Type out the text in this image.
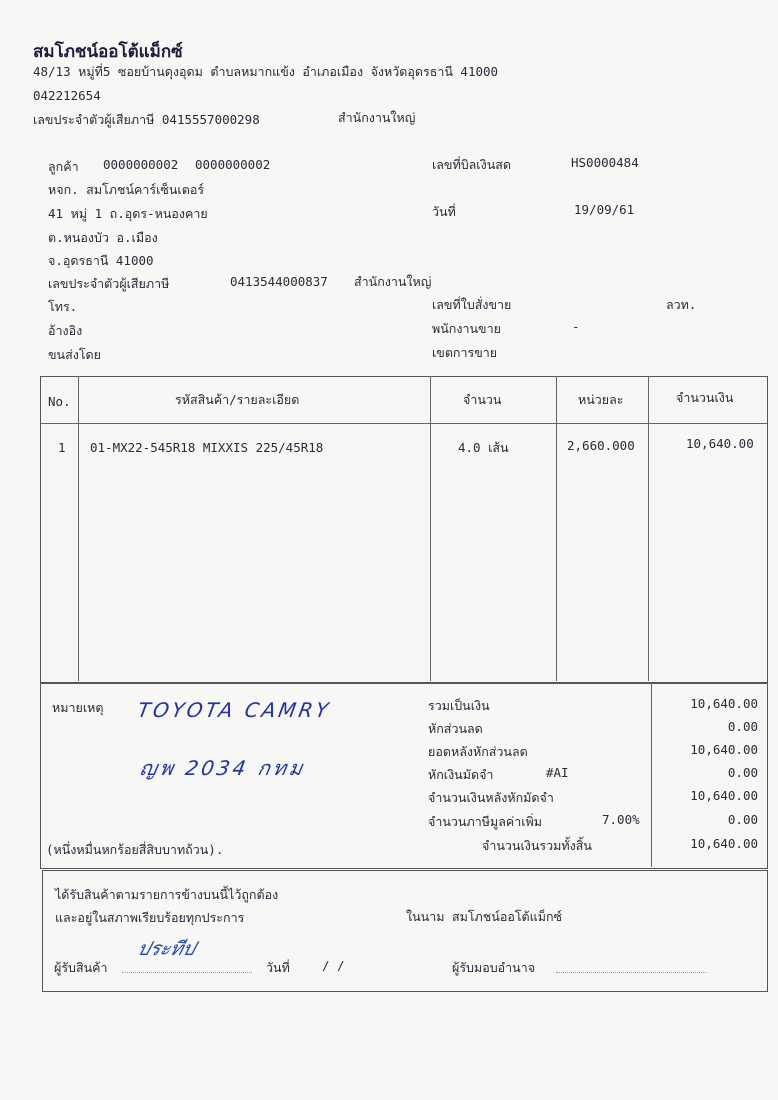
สมโภชน์ออโต้แม็กซ์
48/13 หมู่ที่5 ซอยบ้านดุงอุดม ตำบลหมากแข้ง อำเภอเมือง จังหวัดอุดรธานี 41000
042212654
เลขประจำตัวผู้เสียภาษี 0415557000298	สำนักงานใหญ่
ลูกค้า 0000000002 0000000002
หจก. สมโภชน์คาร์เซ็นเตอร์
41 หมู่ 1 ถ.อุดร-หนองคาย
ต.หนองบัว อ.เมือง
จ.อุดรธานี 41000
เลขประจำตัวผู้เสียภาษี	0413544000837 สำนักงานใหญ่
โทร.
อ้างอิง
ขนส่งโดย
เลขที่บิลเงินสด	HS0000484
วันที่	19/09/61
เลขที่ใบสั่งขาย	ลวท.
พนักงานขาย	-
เขตการขาย
No.	รหัสสินค้า/รายละเอียด	จำนวน	หน่วยละ	จำนวนเงิน
1 01-MX22-545R18 MIXXIS 225/45R18	4.0 เส้น	2,660.000	10,640.00
หมายเหตุ TOYOTA CAMRY
ญพ 2034 กทม
(หนึ่งหมื่นหกร้อยสี่สิบบาทถ้วน).
รวมเป็นเงิน	10,640.00
หักส่วนลด	0.00
ยอดหลังหักส่วนลด	10,640.00
หักเงินมัดจำ	#AI	0.00
จำนวนเงินหลังหักมัดจำ	10,640.00
จำนวนภาษีมูลค่าเพิ่ม	7.00%	0.00
จำนวนเงินรวมทั้งสิ้น	10,640.00
ได้รับสินค้าตามรายการข้างบนนี้ไว้ถูกต้อง
และอยู่ในสภาพเรียบร้อยทุกประการ	ในนาม สมโภชน์ออโต้แม็กซ์
ผู้รับสินค้า
ประทีป
วันที่	/ /	ผู้รับมอบอำนาจ
